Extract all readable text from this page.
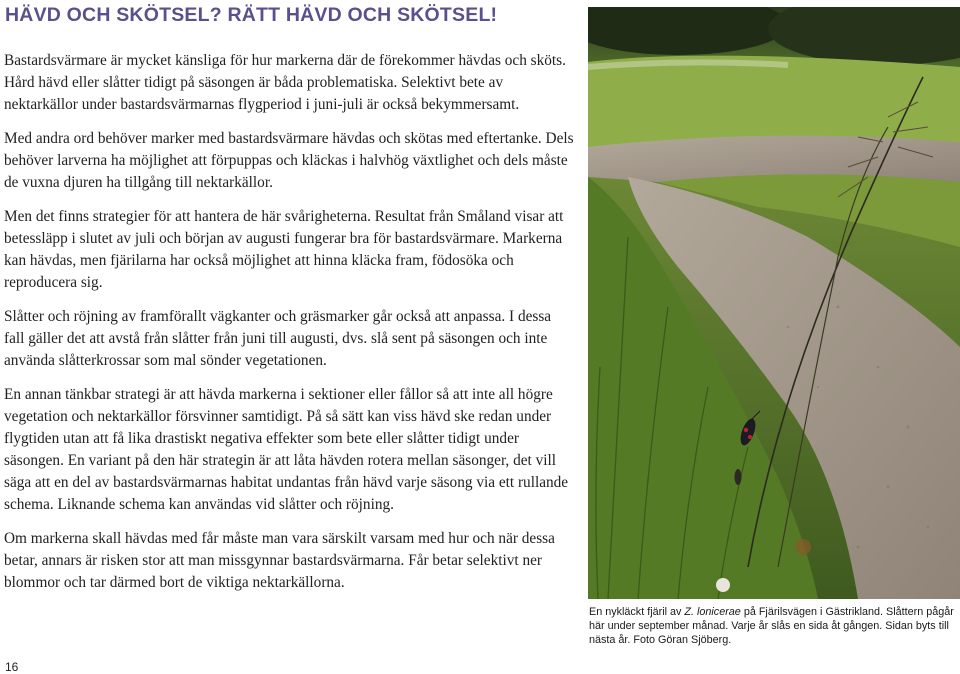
HÄVD OCH SKÖTSEL? RÄTT HÄVD OCH SKÖTSEL!

Bastardsvärmare är mycket känsliga för hur markerna där de förekommer hävdas och sköts. Hård hävd eller slåtter tidigt på säsongen är båda problematiska. Selektivt bete av nektarkällor under bastardsvärmarnas flygperiod i juni-juli är också bekymmersamt.

Med andra ord behöver marker med bastardsvärmare hävdas och skötas med eftertanke. Dels behöver larverna ha möjlighet att förpuppas och kläckas i halvhög växtlighet och dels måste de vuxna djuren ha tillgång till nektarkällor.

Men det finns strategier för att hantera de här svårigheterna. Resultat från Småland visar att betessläpp i slutet av juli och början av augusti fungerar bra för bastardsvärmare. Markerna kan hävdas, men fjärilarna har också möjlighet att hinna kläcka fram, födosöka och reproducera sig.

Slåtter och röjning av framförallt vägkanter och gräsmarker går också att anpassa. I dessa fall gäller det att avstå från slåtter från juni till augusti, dvs. slå sent på säsongen och inte använda slåtterkrossar som mal sönder vegetationen.

En annan tänkbar strategi är att hävda markerna i sektioner eller fållor så att inte all högre vegetation och nektarkällor försvinner samtidigt. På så sätt kan viss hävd ske redan under flygtiden utan att få lika drastiskt negativa effekter som bete eller slåtter tidigt under säsongen. En variant på den här strategin är att låta hävden rotera mellan säsonger, det vill säga att en del av bastardsvärmarnas habitat undantas från hävd varje säsong via ett rullande schema. Liknande schema kan användas vid slåtter och röjning.

Om markerna skall hävdas med får måste man vara särskilt varsam med hur och när dessa betar, annars är risken stor att man missgynnar bastardsvärmarna. Får betar selektivt ner blommor och tar därmed bort de viktiga nektarkällorna.

En nykläckt fjäril av Z. lonicerae på Fjärilsvägen i Gästrikland. Slåttern pågår här under september månad. Varje år slås en sida åt gången. Sidan byts till nästa år. Foto Göran Sjöberg.

16
